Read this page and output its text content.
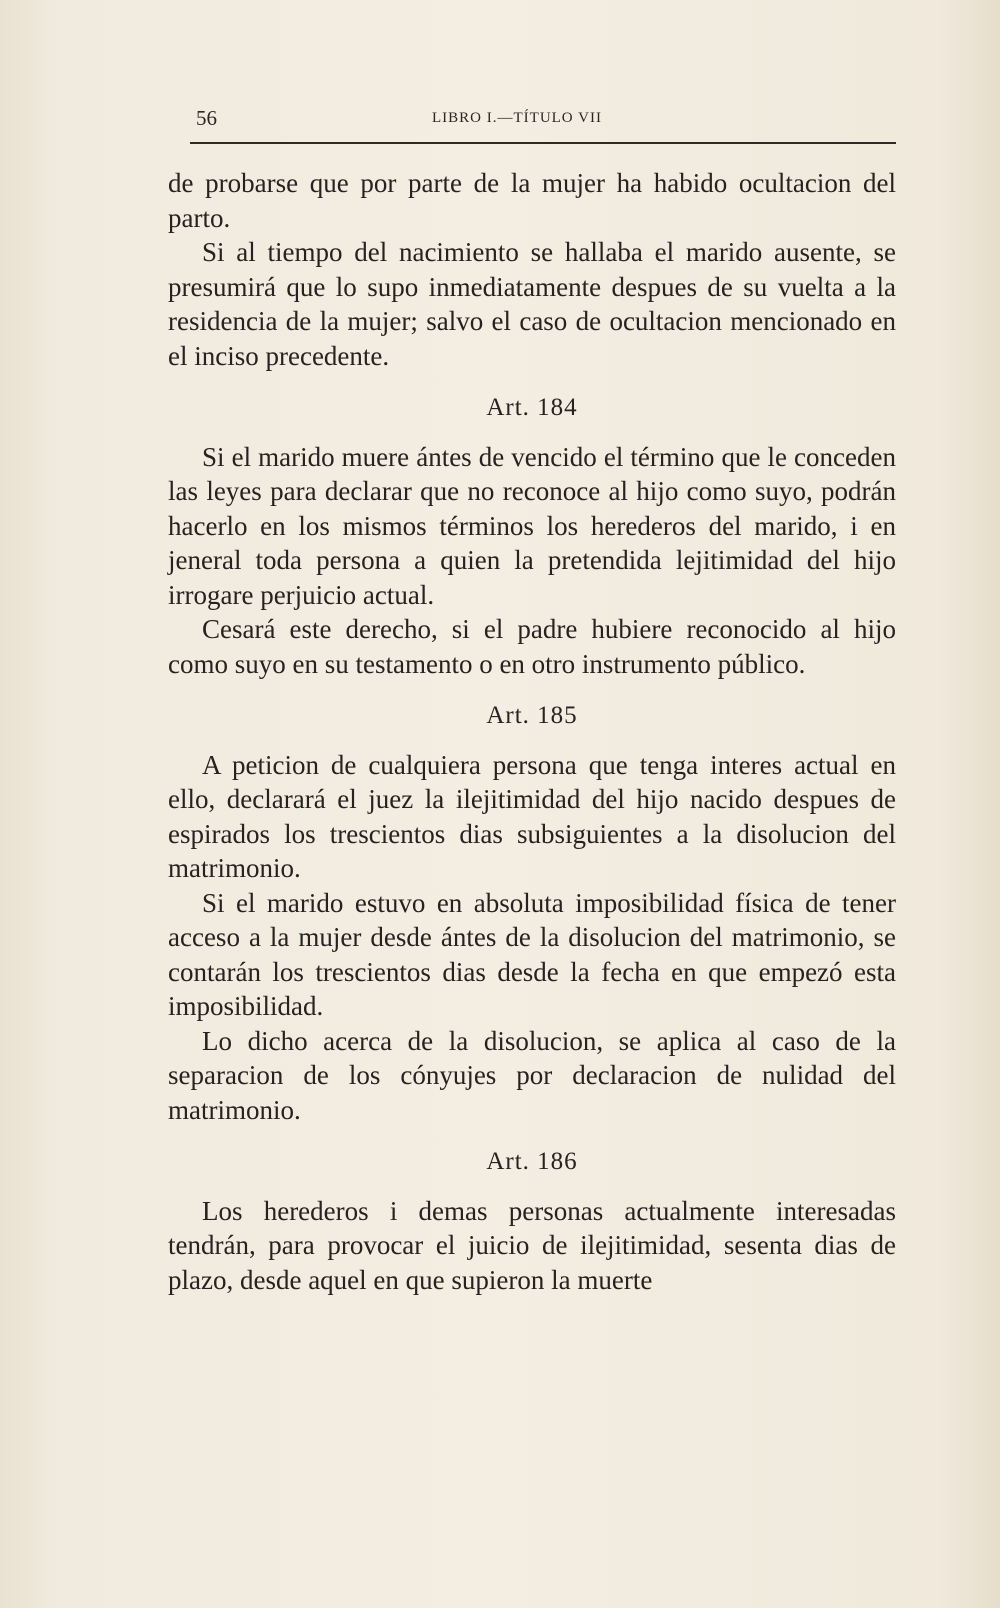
56	LIBRO I.—TÍTULO VII

de probarse que por parte de la mujer ha habido ocultacion del parto.

Si al tiempo del nacimiento se hallaba el marido ausente, se presumirá que lo supo inmediatamente despues de su vuelta a la residencia de la mujer; salvo el caso de ocultacion mencionado en el inciso precedente.

Art. 184

Si el marido muere ántes de vencido el término que le conceden las leyes para declarar que no reconoce al hijo como suyo, podrán hacerlo en los mismos términos los herederos del marido, i en jeneral toda persona a quien la pretendida lejitimidad del hijo irrogare perjuicio actual.

Cesará este derecho, si el padre hubiere reconocido al hijo como suyo en su testamento o en otro instrumento público.

Art. 185

A peticion de cualquiera persona que tenga interes actual en ello, declarará el juez la ilejitimidad del hijo nacido despues de espirados los trescientos dias subsiguientes a la disolucion del matrimonio.

Si el marido estuvo en absoluta imposibilidad física de tener acceso a la mujer desde ántes de la disolucion del matrimonio, se contarán los trescientos dias desde la fecha en que empezó esta imposibilidad.

Lo dicho acerca de la disolucion, se aplica al caso de la separacion de los cónyujes por declaracion de nulidad del matrimonio.

Art. 186

Los herederos i demas personas actualmente interesadas tendrán, para provocar el juicio de ilejitimidad, sesenta dias de plazo, desde aquel en que supieron la muerte
